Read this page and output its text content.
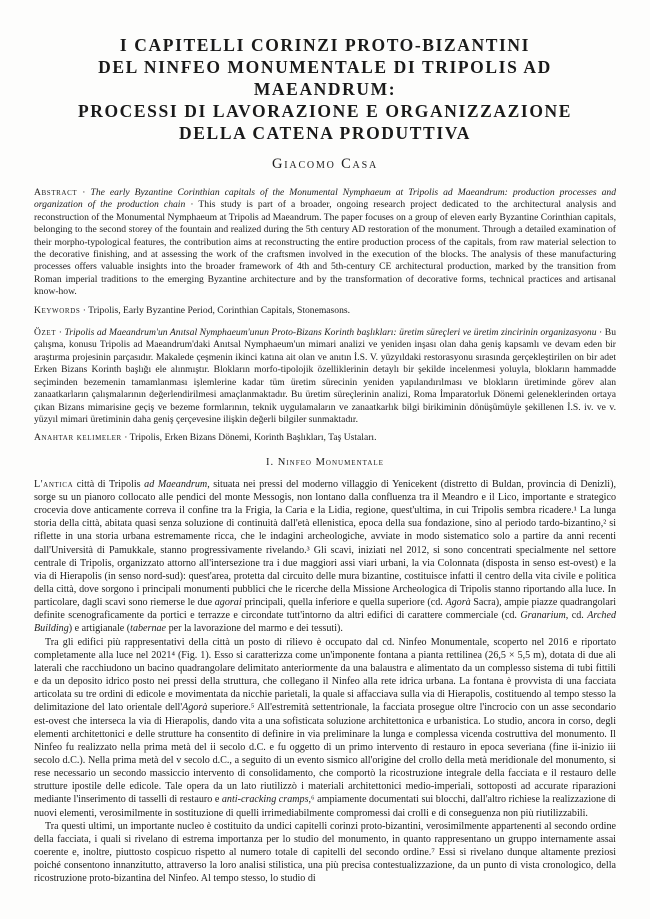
I CAPITELLI CORINZI PROTO-BIZANTINI
DEL NINFEO MONUMENTALE DI TRIPOLIS AD MAEANDRUM:
PROCESSI DI LAVORAZIONE E ORGANIZZAZIONE
DELLA CATENA PRODUTTIVA
Giacomo Casa

Abstract · The early Byzantine Corinthian capitals of the Monumental Nymphaeum at Tripolis ad Maeandrum: production processes and organization of the production chain · This study is part of a broader, ongoing research project dedicated to the architectural analysis and reconstruction of the Monumental Nymphaeum at Tripolis ad Maeandrum. The paper focuses on a group of eleven early Byzantine Corinthian capitals, belonging to the second storey of the fountain and realized during the 5th century AD restoration of the monument. Through a detailed examination of their morpho-typological features, the contribution aims at reconstructing the entire production process of the capitals, from raw material selection to the decorative finishing, and at assessing the work of the craftsmen involved in the execution of the blocks. The analysis of these manufacturing processes offers valuable insights into the broader framework of 4th and 5th-century CE architectural production, marked by the transition from Roman imperial traditions to the emerging Byzantine architecture and by the transformation of decorative forms, technical practices and artisanal know-how.

Keywords · Tripolis, Early Byzantine Period, Corinthian Capitals, Stonemasons.

Özet · Tripolis ad Maeandrum'un Anıtsal Nymphaeum'unun Proto-Bizans Korinth başlıkları: üretim süreçleri ve üretim zincirinin organizasyonu · Bu çalışma, konusu Tripolis ad Maeandrum'daki Anıtsal Nymphaeum'un mimari analizi ve yeniden inşası olan daha geniş kapsamlı ve devam eden bir araştırma projesinin parçasıdır. Makalede çeşmenin ikinci katına ait olan ve anıtın İ.S. V. yüzyıldaki restorasyonu sırasında gerçekleştirilen on bir adet Erken Bizans Korinth başlığı ele alınmıştır. Blokların morfo-tipolojik özelliklerinin detaylı bir şekilde incelenmesi yoluyla, blokların hammadde seçiminden bezemenin tamamlanması işlemlerine kadar tüm üretim sürecinin yeniden yapılandırılması ve blokların üretiminde görev alan zanaatkarların çalışmalarının değerlendirilmesi amaçlanmaktadır. Bu üretim süreçlerinin analizi, Roma İmparatorluk Dönemi geleneklerinden ortaya çıkan Bizans mimarisine geçiş ve bezeme formlarının, teknik uygulamaların ve zanaatkarlık bilgi birikiminin dönüşümüyle şekillenen İ.S. iv. ve v. yüzyıl mimari üretiminin daha geniş çerçevesine ilişkin değerli bilgiler sunmaktadır.

Anahtar kelimeler · Tripolis, Erken Bizans Dönemi, Korinth Başlıkları, Taş Ustaları.

I. Ninfeo Monumentale

L'antica città di Tripolis ad Maeandrum, situata nei pressi del moderno villaggio di Yenicekent (distretto di Buldan, provincia di Denizli), sorge su un pianoro collocato alle pendici del monte Messogis, non lontano dalla confluenza tra il Meandro e il Lico, importante e strategico crocevia dove anticamente correva il confine tra la Frigia, la Caria e la Lidia, regione, quest'ultima, in cui Tripolis sembra ricadere.¹ La lunga storia della città, abitata quasi senza soluzione di continuità dall'età ellenistica, epoca della sua fondazione, sino al periodo tardo-bizantino,² si riflette in una storia urbana estremamente ricca, che le indagini archeologiche, avviate in modo sistematico solo a partire da anni recenti dall'Università di Pamukkale, stanno progressivamente rivelando.³ Gli scavi, iniziati nel 2012, si sono concentrati specialmente nel settore centrale di Tripolis, organizzato attorno all'intersezione tra i due maggiori assi viari urbani, la via Colonnata (disposta in senso est-ovest) e la via di Hierapolis (in senso nord-sud): quest'area, protetta dal circuito delle mura bizantine, costituisce infatti il centro della vita civile e politica della città, dove sorgono i principali monumenti pubblici che le ricerche della Missione Archeologica di Tripolis stanno riportando alla luce. In particolare, dagli scavi sono riemerse le due agorai principali, quella inferiore e quella superiore (cd. Agorà Sacra), ampie piazze quadrangolari definite scenograficamente da portici e terrazze e circondate tutt'intorno da altri edifici di carattere commerciale (cd. Granarium, cd. Arched Building) e artigianale (tabernae per la lavorazione del marmo e dei tessuti).

Tra gli edifici più rappresentativi della città un posto di rilievo è occupato dal cd. Ninfeo Monumentale, scoperto nel 2016 e riportato completamente alla luce nel 2021⁴ (Fig. 1). Esso si caratterizza come un'imponente fontana a pianta rettilinea (26,5 × 5,5 m), dotata di due ali laterali che racchiudono un bacino quadrangolare delimitato anteriormente da una balaustra e alimentato da un complesso sistema di tubi fittili e da un deposito idrico posto nei pressi della struttura, che collegano il Ninfeo alla rete idrica urbana. La fontana è provvista di una facciata articolata su tre ordini di edicole e movimentata da nicchie parietali, la quale si affacciava sulla via di Hierapolis, costituendo al tempo stesso la delimitazione del lato orientale dell'Agorà superiore.⁵ All'estremità settentrionale, la facciata prosegue oltre l'incrocio con un asse secondario est-ovest che interseca la via di Hierapolis, dando vita a una sofisticata soluzione architettonica e urbanistica. Lo studio, ancora in corso, degli elementi architettonici e delle strutture ha consentito di definire in via preliminare la lunga e complessa vicenda costruttiva del monumento. Il Ninfeo fu realizzato nella prima metà del ii secolo d.C. e fu oggetto di un primo intervento di restauro in epoca severiana (fine ii-inizio iii secolo d.C.). Nella prima metà del v secolo d.C., a seguito di un evento sismico all'origine del crollo della metà meridionale del monumento, si rese necessario un secondo massiccio intervento di consolidamento, che comportò la ricostruzione integrale della facciata e il restauro delle strutture ipostile delle edicole. Tale opera da un lato riutilizzò i materiali architettonici medio-imperiali, sottoposti ad accurate riparazioni mediante l'inserimento di tasselli di restauro e anti-cracking cramps,⁶ ampiamente documentati sui blocchi, dall'altro richiese la realizzazione di nuovi elementi, verosimilmente in sostituzione di quelli irrimediabilmente compromessi dai crolli e di conseguenza non più riutilizzabili.

Tra questi ultimi, un importante nucleo è costituito da undici capitelli corinzi proto-bizantini, verosimilmente appartenenti al secondo ordine della facciata, i quali si rivelano di estrema importanza per lo studio del monumento, in quanto rappresentano un gruppo internamente assai coerente e, inoltre, piuttosto cospicuo rispetto al numero totale di capitelli del secondo ordine.⁷ Essi si rivelano dunque altamente preziosi poiché consentono innanzitutto, attraverso la loro analisi stilistica, una più precisa contestualizzazione, da un punto di vista cronologico, della ricostruzione proto-bizantina del Ninfeo. Al tempo stesso, lo studio di
